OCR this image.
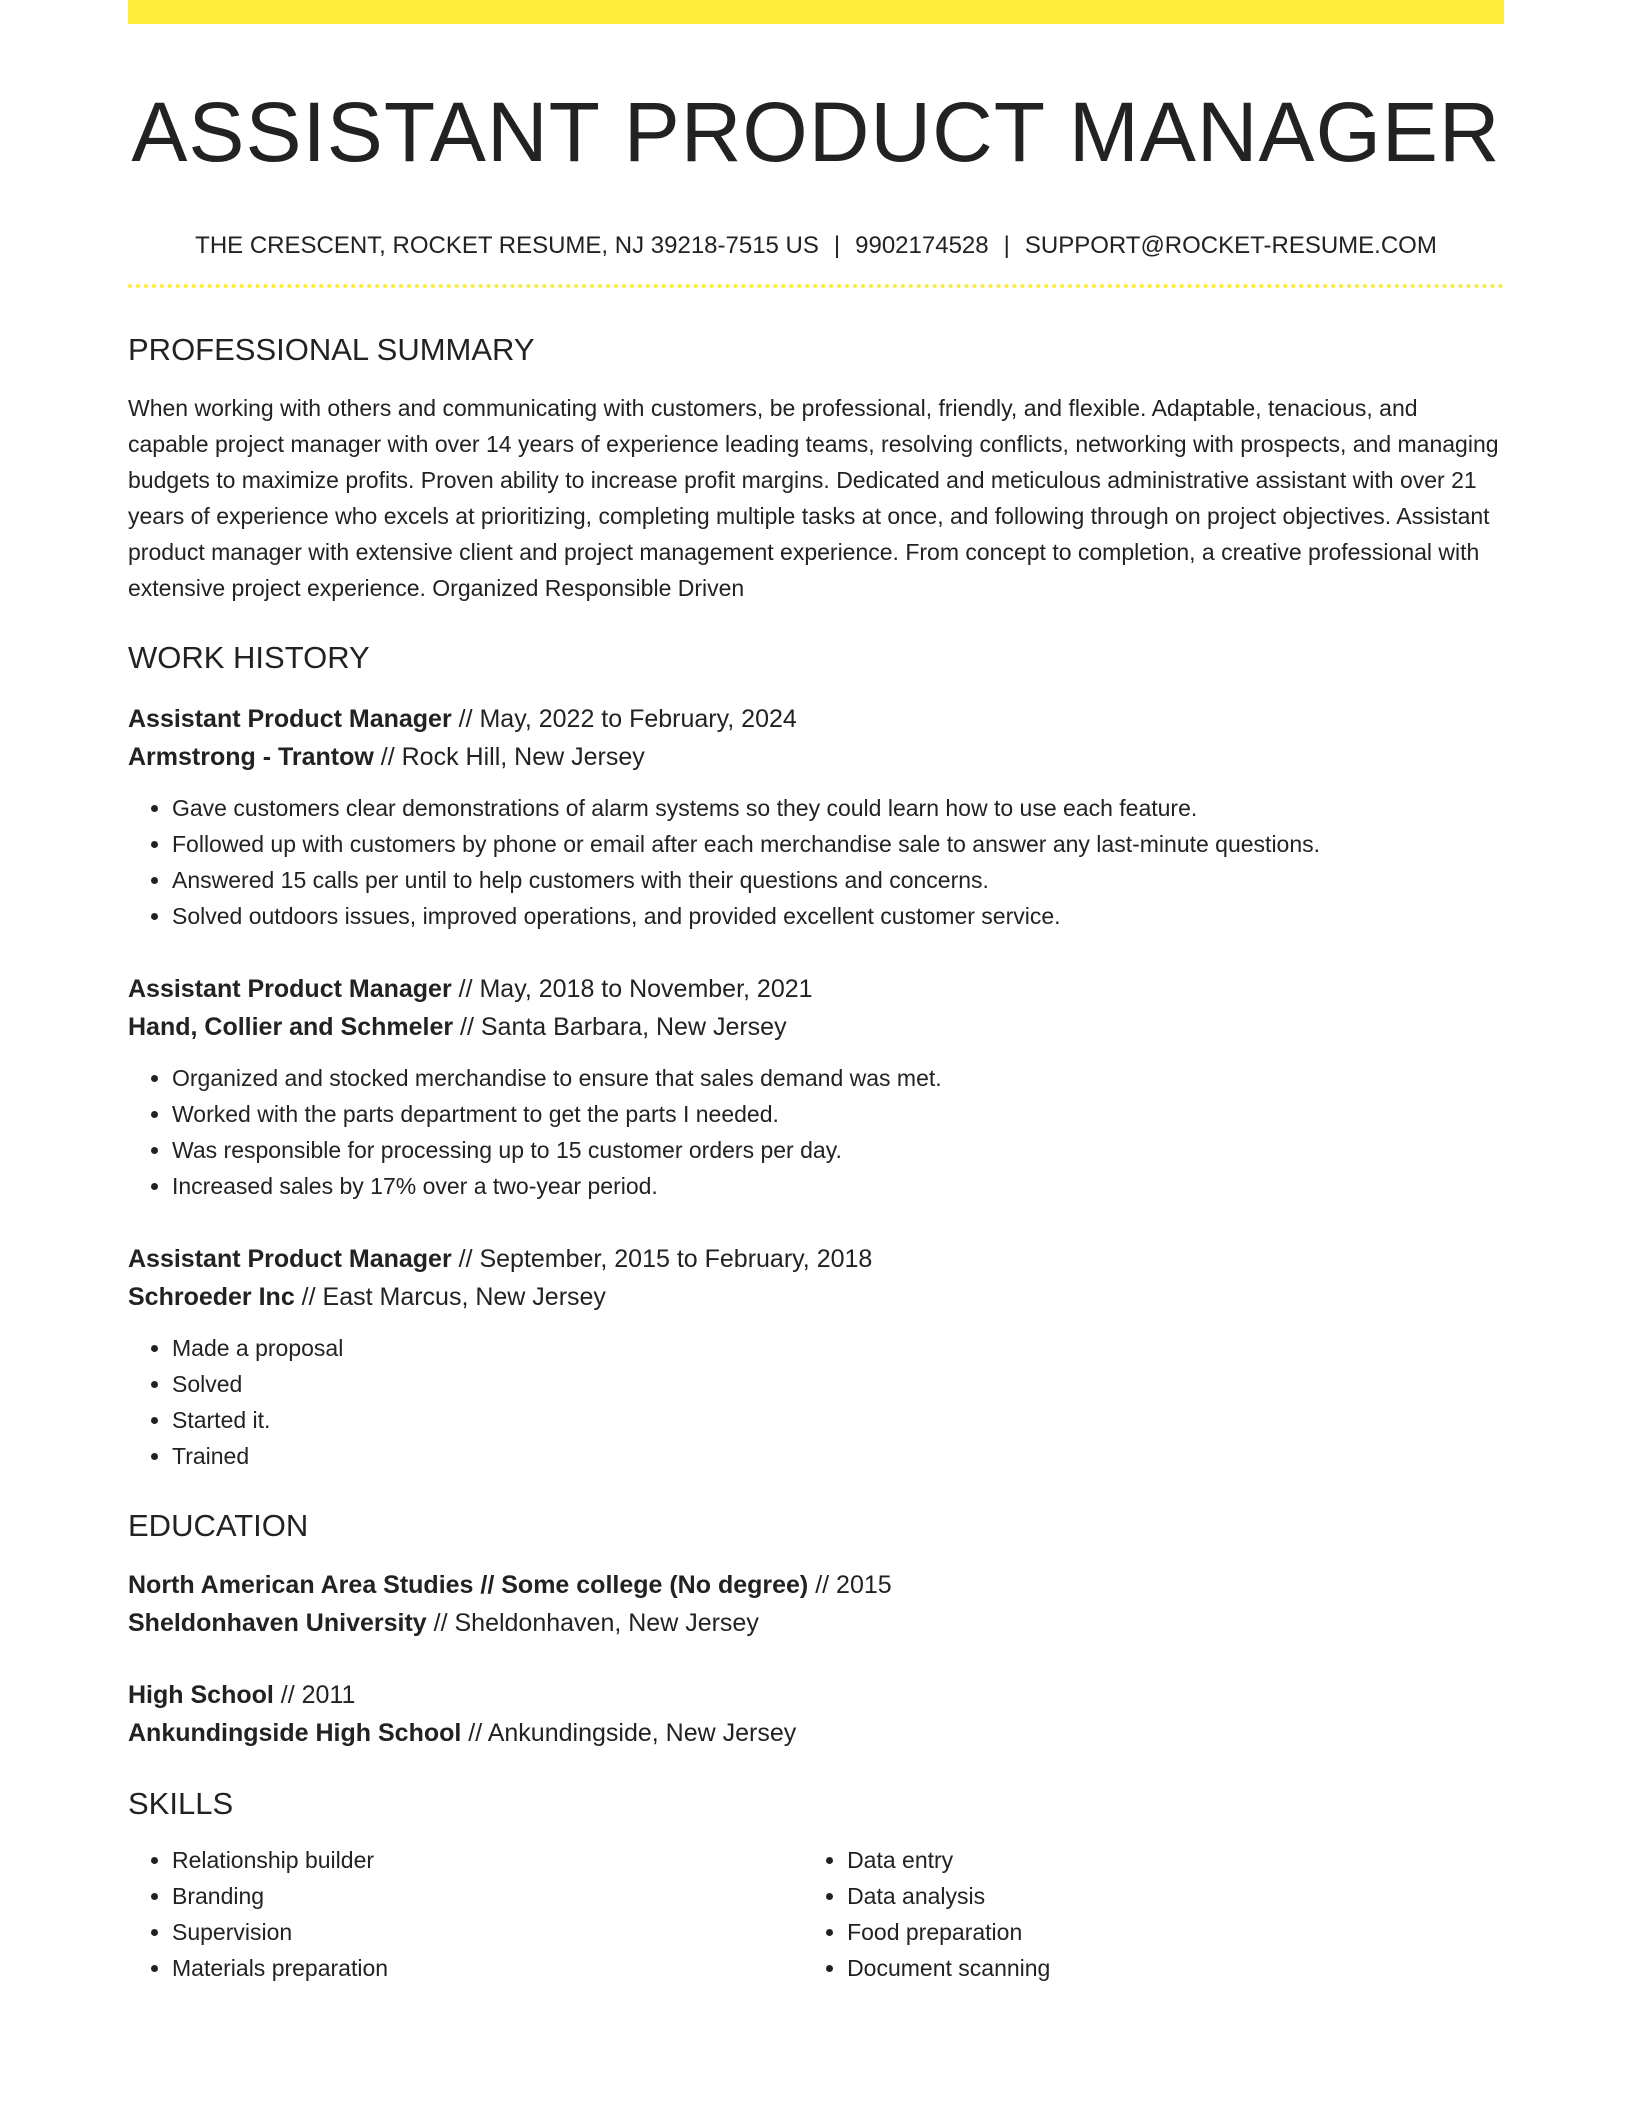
ASSISTANT PRODUCT MANAGER
THE CRESCENT, ROCKET RESUME, NJ 39218-7515 US | 9902174528 | SUPPORT@ROCKET-RESUME.COM
PROFESSIONAL SUMMARY

When working with others and communicating with customers, be professional, friendly, and flexible. Adaptable, tenacious, and capable project manager with over 14 years of experience leading teams, resolving conflicts, networking with prospects, and managing budgets to maximize profits. Proven ability to increase profit margins. Dedicated and meticulous administrative assistant with over 21 years of experience who excels at prioritizing, completing multiple tasks at once, and following through on project objectives. Assistant product manager with extensive client and project management experience. From concept to completion, a creative professional with extensive project experience. Organized Responsible Driven

WORK HISTORY
Assistant Product Manager // May, 2022 to February, 2024
Armstrong - Trantow // Rock Hill, New Jersey
• Gave customers clear demonstrations of alarm systems so they could learn how to use each feature.
• Followed up with customers by phone or email after each merchandise sale to answer any last-minute questions.
• Answered 15 calls per until to help customers with their questions and concerns.
• Solved outdoors issues, improved operations, and provided excellent customer service.
Assistant Product Manager // May, 2018 to November, 2021
Hand, Collier and Schmeler // Santa Barbara, New Jersey
• Organized and stocked merchandise to ensure that sales demand was met.
• Worked with the parts department to get the parts I needed.
• Was responsible for processing up to 15 customer orders per day.
• Increased sales by 17% over a two-year period.
Assistant Product Manager // September, 2015 to February, 2018
Schroeder Inc // East Marcus, New Jersey
• Made a proposal
• Solved
• Started it.
• Trained
EDUCATION
North American Area Studies // Some college (No degree) // 2015
Sheldonhaven University // Sheldonhaven, New Jersey
High School // 2011
Ankundingside High School // Ankundingside, New Jersey
SKILLS
• Relationship builder
• Branding
• Supervision
• Materials preparation
• Data entry
• Data analysis
• Food preparation
• Document scanning
